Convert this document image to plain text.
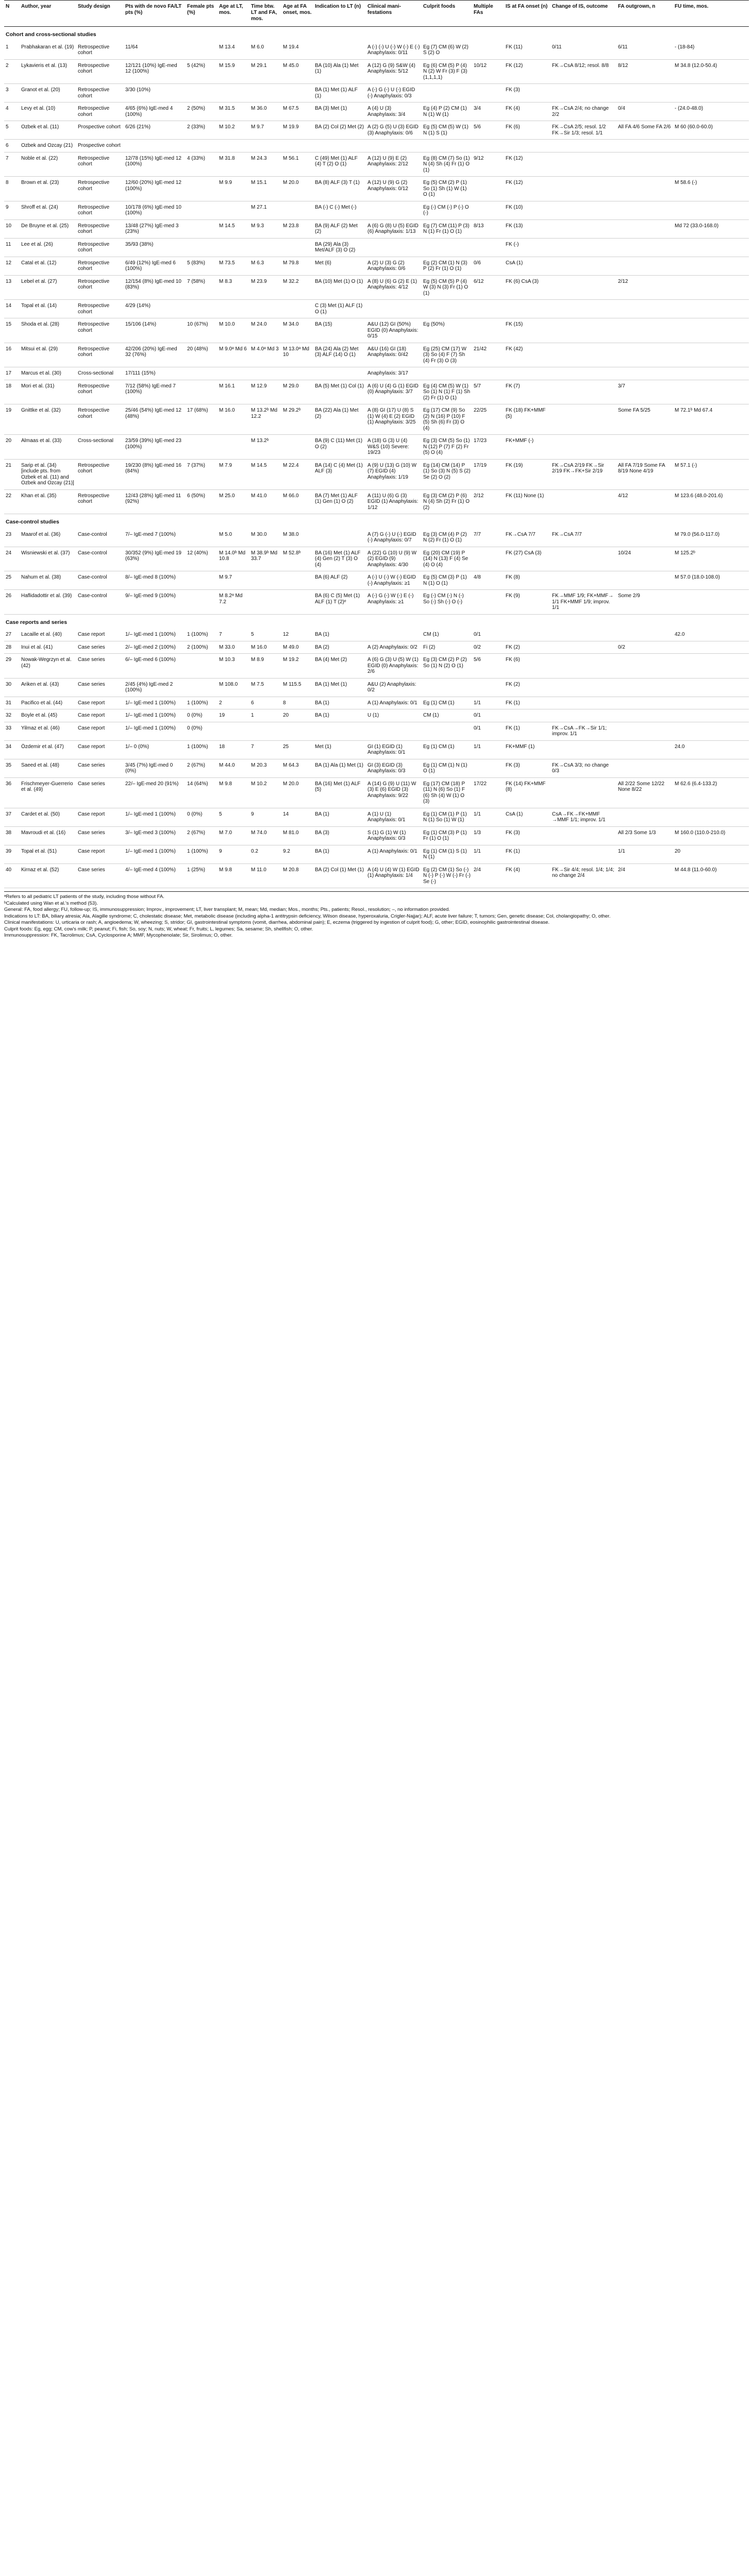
N	Author, year	Study design	Pts with de novo FA/LT pts (%)	Female pts (%)	Age at LT, mos.	Time btw. LT and FA, mos.	Age at FA onset, mos.	Indication to LT (n)	Clinical mani-festations	Culprit foods	Multiple FAs	IS at FA onset (n)	Change of IS, outcome	FA outgrown, n	FU time, mos.
Cohort and cross-sectional studies															
1	Prabhakaran et al. (19)	Retrospective cohort	11/64		M 13.4	M 6.0	M 19.4		A (-) (-) U (-) W (-) E (-) Anaphylaxis: 0/11	Eg (7) CM (6) W (2) S (2) O		FK (11)	0/11	6/11	- (18-84)
2	Lykavieris et al. (13)	Retrospective cohort	12/121 (10%) IgE-med 12 (100%)	5 (42%)	M 15.9	M 29.1	M 45.0	BA (10) Ala (1) Met (1)	A (12) G (9) S&W (4) Anaphylaxis: 5/12	Eg (6) CM (5) P (4) N (2) W Fr (3) F (3) (1,1,1,1)	10/12	FK (12)	FK→CsA 8/12; resol. 8/8	8/12	M 34.8 (12.0-50.4)
3	Granot et al. (20)	Retrospective cohort	3/30 (10%)					BA (1) Met (1) ALF (1)	A (-) G (-) U (-) EGID (-) Anaphylaxis: 0/3			FK (3)			
4	Levy et al. (10)	Retrospective cohort	4/65 (6%) IgE-med 4 (100%)	2 (50%)	M 31.5	M 36.0	M 67.5	BA (3) Met (1)	A (4) U (3) Anaphylaxis: 3/4	Eg (4) P (2) CM (1) N (1) W (1)	3/4	FK (4)	FK→CsA 2/4; no change 2/2	0/4	- (24.0-48.0)
5	Ozbek et al. (11)	Prospective cohort	6/26 (21%)	2 (33%)	M 10.2	M 9.7	M 19.9	BA (2) Col (2) Met (2)	A (2) G (5) U (3) EGID (3) Anaphylaxis: 0/6	Eg (5) CM (5) W (1) N (1) S (1)	5/6	FK (6)	FK→CsA 2/5; resol. 1/2 FK→Sir 1/3; resol. 1/1	All FA 4/6 Some FA 2/6	M 60 (60.0-60.0)
6	Ozbek and Ozcay (21)	Prospective cohort													
7	Noble et al. (22)	Retrospective cohort	12/78 (15%) IgE-med 12 (100%)	4 (33%)	M 31.8	M 24.3	M 56.1	C (49) Met (1) ALF (4) T (2) O (1)	A (12) U (9) E (2) Anaphylaxis: 2/12	Eg (8) CM (7) So (1) N (4) Sh (4) Fr (1) O (1)	9/12	FK (12)			
8	Brown et al. (23)	Retrospective cohort	12/60 (20%) IgE-med 12 (100%)		M 9.9	M 15.1	M 20.0	BA (8) ALF (3) T (1)	A (12) U (9) G (2) Anaphylaxis: 0/12	Eg (5) CM (2) P (1) So (1) Sh (1) W (1) O (1)		FK (12)			M 58.6 (-)
9	Shroff et al. (24)	Retrospective cohort	10/178 (6%) IgE-med 10 (100%)			M 27.1		BA (-) C (-) Met (-)		Eg (-) CM (-) P (-) O (-)		FK (10)			
10	De Bruyne et al. (25)	Retrospective cohort	13/48 (27%) IgE-med 3 (23%)		M 14.5	M 9.3	M 23.8	BA (9) ALF (2) Met (2)	A (6) G (8) U (5) EGID (6) Anaphylaxis: 1/13	Eg (7) CM (11) P (3) N (1) Fr (1) O (1)	8/13	FK (13)			Md 72 (33.0-168.0)
11	Lee et al. (26)	Retrospective cohort	35/93 (38%)					BA (29) Ala (3) Met/ALF (3) O (2)				FK (-)			
12	Catal et al. (12)	Retrospective cohort	6/49 (12%) IgE-med 6 (100%)	5 (83%)	M 73.5	M 6.3	M 79.8	Met (6)	A (2) U (3) G (2) Anaphylaxis: 0/6	Eg (2) CM (1) N (3) P (2) Fr (1) O (1)	0/6	CsA (1)			
13	Lebel et al. (27)	Retrospective cohort	12/154 (8%) IgE-med 10 (83%)	7 (58%)	M 8.3	M 23.9	M 32.2	BA (10) Met (1) O (1)	A (8) U (6) G (2) E (1) Anaphylaxis: 4/12	Eg (5) CM (5) P (4) W (3) N (3) Fr (1) O (1)	6/12	FK (6) CsA (3)		2/12	
14	Topal et al. (14)	Retrospective cohort	4/29 (14%)					C (3) Met (1) ALF (1) O (1)							
15	Shoda et al. (28)	Retrospective cohort	15/106 (14%)	10 (67%)	M 10.0	M 24.0	M 34.0	BA (15)	A&U (12) GI (50%) EGID (0) Anaphylaxis: 0/15	Eg (50%)		FK (15)			
16	Mitsui et al. (29)	Retrospective cohort	42/206 (20%) IgE-med 32 (76%)	20 (48%)	M 9.0ᵃ Md 6	M 4.0ᵃ Md 3	M 13.0ᵃ Md 10	BA (24) Ala (2) Met (3) ALF (14) O (1)	A&U (16) GI (18) Anaphylaxis: 0/42	Eg (25) CM (17) W (3) So (4) F (7) Sh (4) Fr (3) O (3)	21/42	FK (42)			
17	Marcus et al. (30)	Cross-sectional	17/111 (15%)						Anaphylaxis: 3/17						
18	Mori et al. (31)	Retrospective cohort	7/12 (58%) IgE-med 7 (100%)		M 16.1	M 12.9	M 29.0	BA (5) Met (1) Col (1)	A (6) U (4) G (1) EGID (0) Anaphylaxis: 3/7	Eg (4) CM (5) W (1) So (1) N (1) F (1) Sh (2) Fr (1) O (1)	5/7	FK (7)		3/7	
19	Gnittke et al. (32)	Retrospective cohort	25/46 (54%) IgE-med 12 (48%)	17 (68%)	M 16.0	M 13.2ᵇ Md 12.2	M 29.2ᵇ	BA (22) Ala (1) Met (2)	A (8) GI (17) U (8) S (1) W (4) E (2) EGID (1) Anaphylaxis: 3/25	Eg (17) CM (9) So (2) N (16) P (10) F (5) Sh (6) Fr (3) O (4)	22/25	FK (18) FK+MMF (5)		Some FA 5/25	M 72.1ᵇ Md 67.4
20	Almaas et al. (33)	Cross-sectional	23/59 (39%) IgE-med 23 (100%)			M 13.2ᵇ		BA (9) C (11) Met (1) O (2)	A (18) G (3) U (4) W&S (10) Severe: 19/23	Eg (3) CM (5) So (1) N (12) P (7) F (2) Fr (5) O (4)	17/23	FK+MMF (-)			
21	Sarip et al. (34) [include pts. from Ozbek et al. (11) and Ozbek and Ozcay (21)]	Retrospective cohort	19/230 (8%) IgE-med 16 (84%)	7 (37%)	M 7.9	M 14.5	M 22.4	BA (14) C (4) Met (1) ALF (3)	A (9) U (13) G (10) W (7) EGID (4) Anaphylaxis: 1/19	Eg (14) CM (14) P (1) So (3) N (5) S (2) Se (2) O (2)	17/19	FK (19)	FK→CsA 2/19 FK→Sir 2/19 FK→FK+Sir 2/19	All FA 7/19 Some FA 8/19 None 4/19	M 57.1 (-)
22	Khan et al. (35)	Retrospective cohort	12/43 (28%) IgE-med 11 (92%)	6 (50%)	M 25.0	M 41.0	M 66.0	BA (7) Met (1) ALF (1) Gen (1) O (2)	A (11) U (6) G (3) EGID (1) Anaphylaxis: 1/12	Eg (3) CM (2) P (6) N (4) Sh (2) Fr (1) O (2)	2/12	FK (11) None (1)		4/12	M 123.6 (48.0-201.6)
Case-control studies															
23	Maarof et al. (36)	Case-control	7/– IgE-med 7 (100%)		M 5.0	M 30.0	M 38.0		A (7) G (-) U (-) EGID (-) Anaphylaxis: 0/7	Eg (3) CM (4) P (2) N (2) Fr (1) O (1)	7/7	FK→CsA 7/7	FK→CsA 7/7		M 79.0 (56.0-117.0)
24	Wisniewski et al. (37)	Case-control	30/352 (9%) IgE-med 19 (63%)	12 (40%)	M 14.0ᵇ Md 10.8	M 38.9ᵇ Md 33.7	M 52.8ᵇ	BA (16) Met (1) ALF (4) Gen (2) T (3) O (4)	A (22) G (10) U (9) W (2) EGID (9) Anaphylaxis: 4/30	Eg (20) CM (19) P (14) N (13) F (4) Se (4) O (4)		FK (27) CsA (3)		10/24	M 125.2ᵇ
25	Nahum et al. (38)	Case-control	8/– IgE-med 8 (100%)		M 9.7			BA (6) ALF (2)	A (-) U (-) W (-) EGID (-) Anaphylaxis: ≥1	Eg (5) CM (3) P (1) N (1) O (1)	4/8	FK (8)			M 57.0 (18.0-108.0)
26	Haflidadottir et al. (39)	Case-control	9/– IgE-med 9 (100%)		M 8.2ᵃ Md 7.2			BA (6) C (5) Met (1) ALF (1) T (2)ᵉ	A (-) G (-) W (-) E (-) Anaphylaxis: ≥1	Eg (-) CM (-) N (-) So (-) Sh (-) O (-)		FK (9)	FK→MMF 1/9; FK+MMF→ 1/1 FK+MMF 1/9; improv. 1/1	Some 2/9	
Case reports and series															
27	Lacaille et al. (40)	Case report	1/– IgE-med 1 (100%)	1 (100%)	7	5	12	BA (1)		CM (1)	0/1				42.0
28	Inui et al. (41)	Case series	2/– IgE-med 2 (100%)	2 (100%)	M 33.0	M 16.0	M 49.0	BA (2)	A (2) Anaphylaxis: 0/2	Fi (2)	0/2	FK (2)		0/2	
29	Nowak-Wegrzyn et al. (42)	Case series	6/– IgE-med 6 (100%)		M 10.3	M 8.9	M 19.2	BA (4) Met (2)	A (6) G (3) U (5) W (1) EGID (0) Anaphylaxis: 2/6	Eg (3) CM (2) P (2) So (1) N (2) O (1)	5/6	FK (6)			
30	Ariken et al. (43)	Case series	2/45 (4%) IgE-med 2 (100%)		M 108.0	M 7.5	M 115.5	BA (1) Met (1)	A&U (2) Anaphylaxis: 0/2			FK (2)			
31	Pacifico et al. (44)	Case report	1/– IgE-med 1 (100%)	1 (100%)	2	6	8	BA (1)	A (1) Anaphylaxis: 0/1	Eg (1) CM (1)	1/1	FK (1)			
32	Boyle et al. (45)	Case report	1/– IgE-med 1 (100%)	0 (0%)	19	1	20	BA (1)	U (1)	CM (1)	0/1				
33	Yilmaz et al. (46)	Case report	1/– IgE-med 1 (100%)	0 (0%)							0/1	FK (1)	FK→CsA→FK→Sir 1/1; improv. 1/1		
34	Özdemir et al. (47)	Case report	1/– 0 (0%)	1 (100%)	18	7	25	Met (1)	GI (1) EGID (1) Anaphylaxis: 0/1	Eg (1) CM (1)	1/1	FK+MMF (1)			24.0
35	Saeed et al. (48)	Case series	3/45 (7%) IgE-med 0 (0%)	2 (67%)	M 44.0	M 20.3	M 64.3	BA (1) Ala (1) Met (1)	GI (3) EGID (3) Anaphylaxis: 0/3	Eg (1) CM (1) N (1) O (1)		FK (3)	FK→CsA 3/3; no change 0/3		
36	Frischmeyer-Guerrerio et al. (49)	Case series	22/– IgE-med 20 (91%)	14 (64%)	M 9.8	M 10.2	M 20.0	BA (16) Met (1) ALF (5)	A (14) G (9) U (11) W (3) E (6) EGID (3) Anaphylaxis: 9/22	Eg (17) CM (18) P (11) N (6) So (1) F (6) Sh (4) W (1) O (3)	17/22	FK (14) FK+MMF (8)		All 2/22 Some 12/22 None 8/22	M 62.6 (6.4-133.2)
37	Cardet et al. (50)	Case report	1/– IgE-med 1 (100%)	0 (0%)	5	9	14	BA (1)	A (1) U (1) Anaphylaxis: 0/1	Eg (1) CM (1) P (1) N (1) So (1) W (1)	1/1	CsA (1)	CsA→FK→FK+MMF →MMF 1/1; improv. 1/1		
38	Mavroudi et al. (16)	Case series	3/– IgE-med 3 (100%)	2 (67%)	M 7.0	M 74.0	M 81.0	BA (3)	S (1) G (1) W (1) Anaphylaxis: 0/3	Eg (1) CM (3) P (1) Fr (1) O (1)	1/3	FK (3)		All 2/3 Some 1/3	M 160.0 (110.0-210.0)
39	Topal et al. (51)	Case report	1/– IgE-med 1 (100%)	1 (100%)	9	0.2	9.2	BA (1)	A (1) Anaphylaxis: 0/1	Eg (1) CM (1) S (1) N (1)	1/1	FK (1)		1/1	20
40	Kirnaz et al. (52)	Case series	4/– IgE-med 4 (100%)	1 (25%)	M 9.8	M 11.0	M 20.8	BA (2) Col (1) Met (1)	A (4) U (4) W (1) EGID (1) Anaphylaxis: 1/4	Eg (2) CM (1) So (-) N (-) P (-) W (-) Fr (-) Se (-)	2/4	FK (4)	FK→Sir 4/4; resol. 1/4; 1/4; no change 2/4	2/4	M 44.8 (11.0-60.0)

ᵃRefers to all pediatric LT patients of the study, including those without FA.

ᵇCalculated using Wan et al.'s method (53).

General: FA, food allergy; FU, follow-up; IS, immunosuppression; Improv., improvement; LT, liver transplant; M, mean; Md, median; Mos., months; Pts., patients; Resol., resolution; –, no information provided.

Indications to LT: BA, biliary atresia; Ala, Alagille syndrome; C, cholestatic disease; Met, metabolic disease (including alpha-1 antitrypsin deficiency, Wilson disease, hyperoxaluria, Crigler-Najjar); ALF, acute liver failure; T, tumors; Gen, genetic disease; Col, cholangiopathy; O, other.

Clinical manifestations: U, urticaria or rash; A, angioedema; W, wheezing; S, stridor; GI, gastrointestinal symptoms (vomit, diarrhea, abdominal pain); E, eczema (triggered by ingestion of culprit food); G, other; EGID, eosinophilic gastrointestinal disease.

Culprit foods: Eg, egg; CM, cow's milk; P, peanut; Fi, fish; So, soy; N, nuts; W, wheat; Fr, fruits; L, legumes; Sa, sesame; Sh, shellfish; O, other.

Immunosuppression: FK, Tacrolimus; CsA, Cyclosporine A; MMF, Mycophenolate; Sir, Sirolimus; O, other.
